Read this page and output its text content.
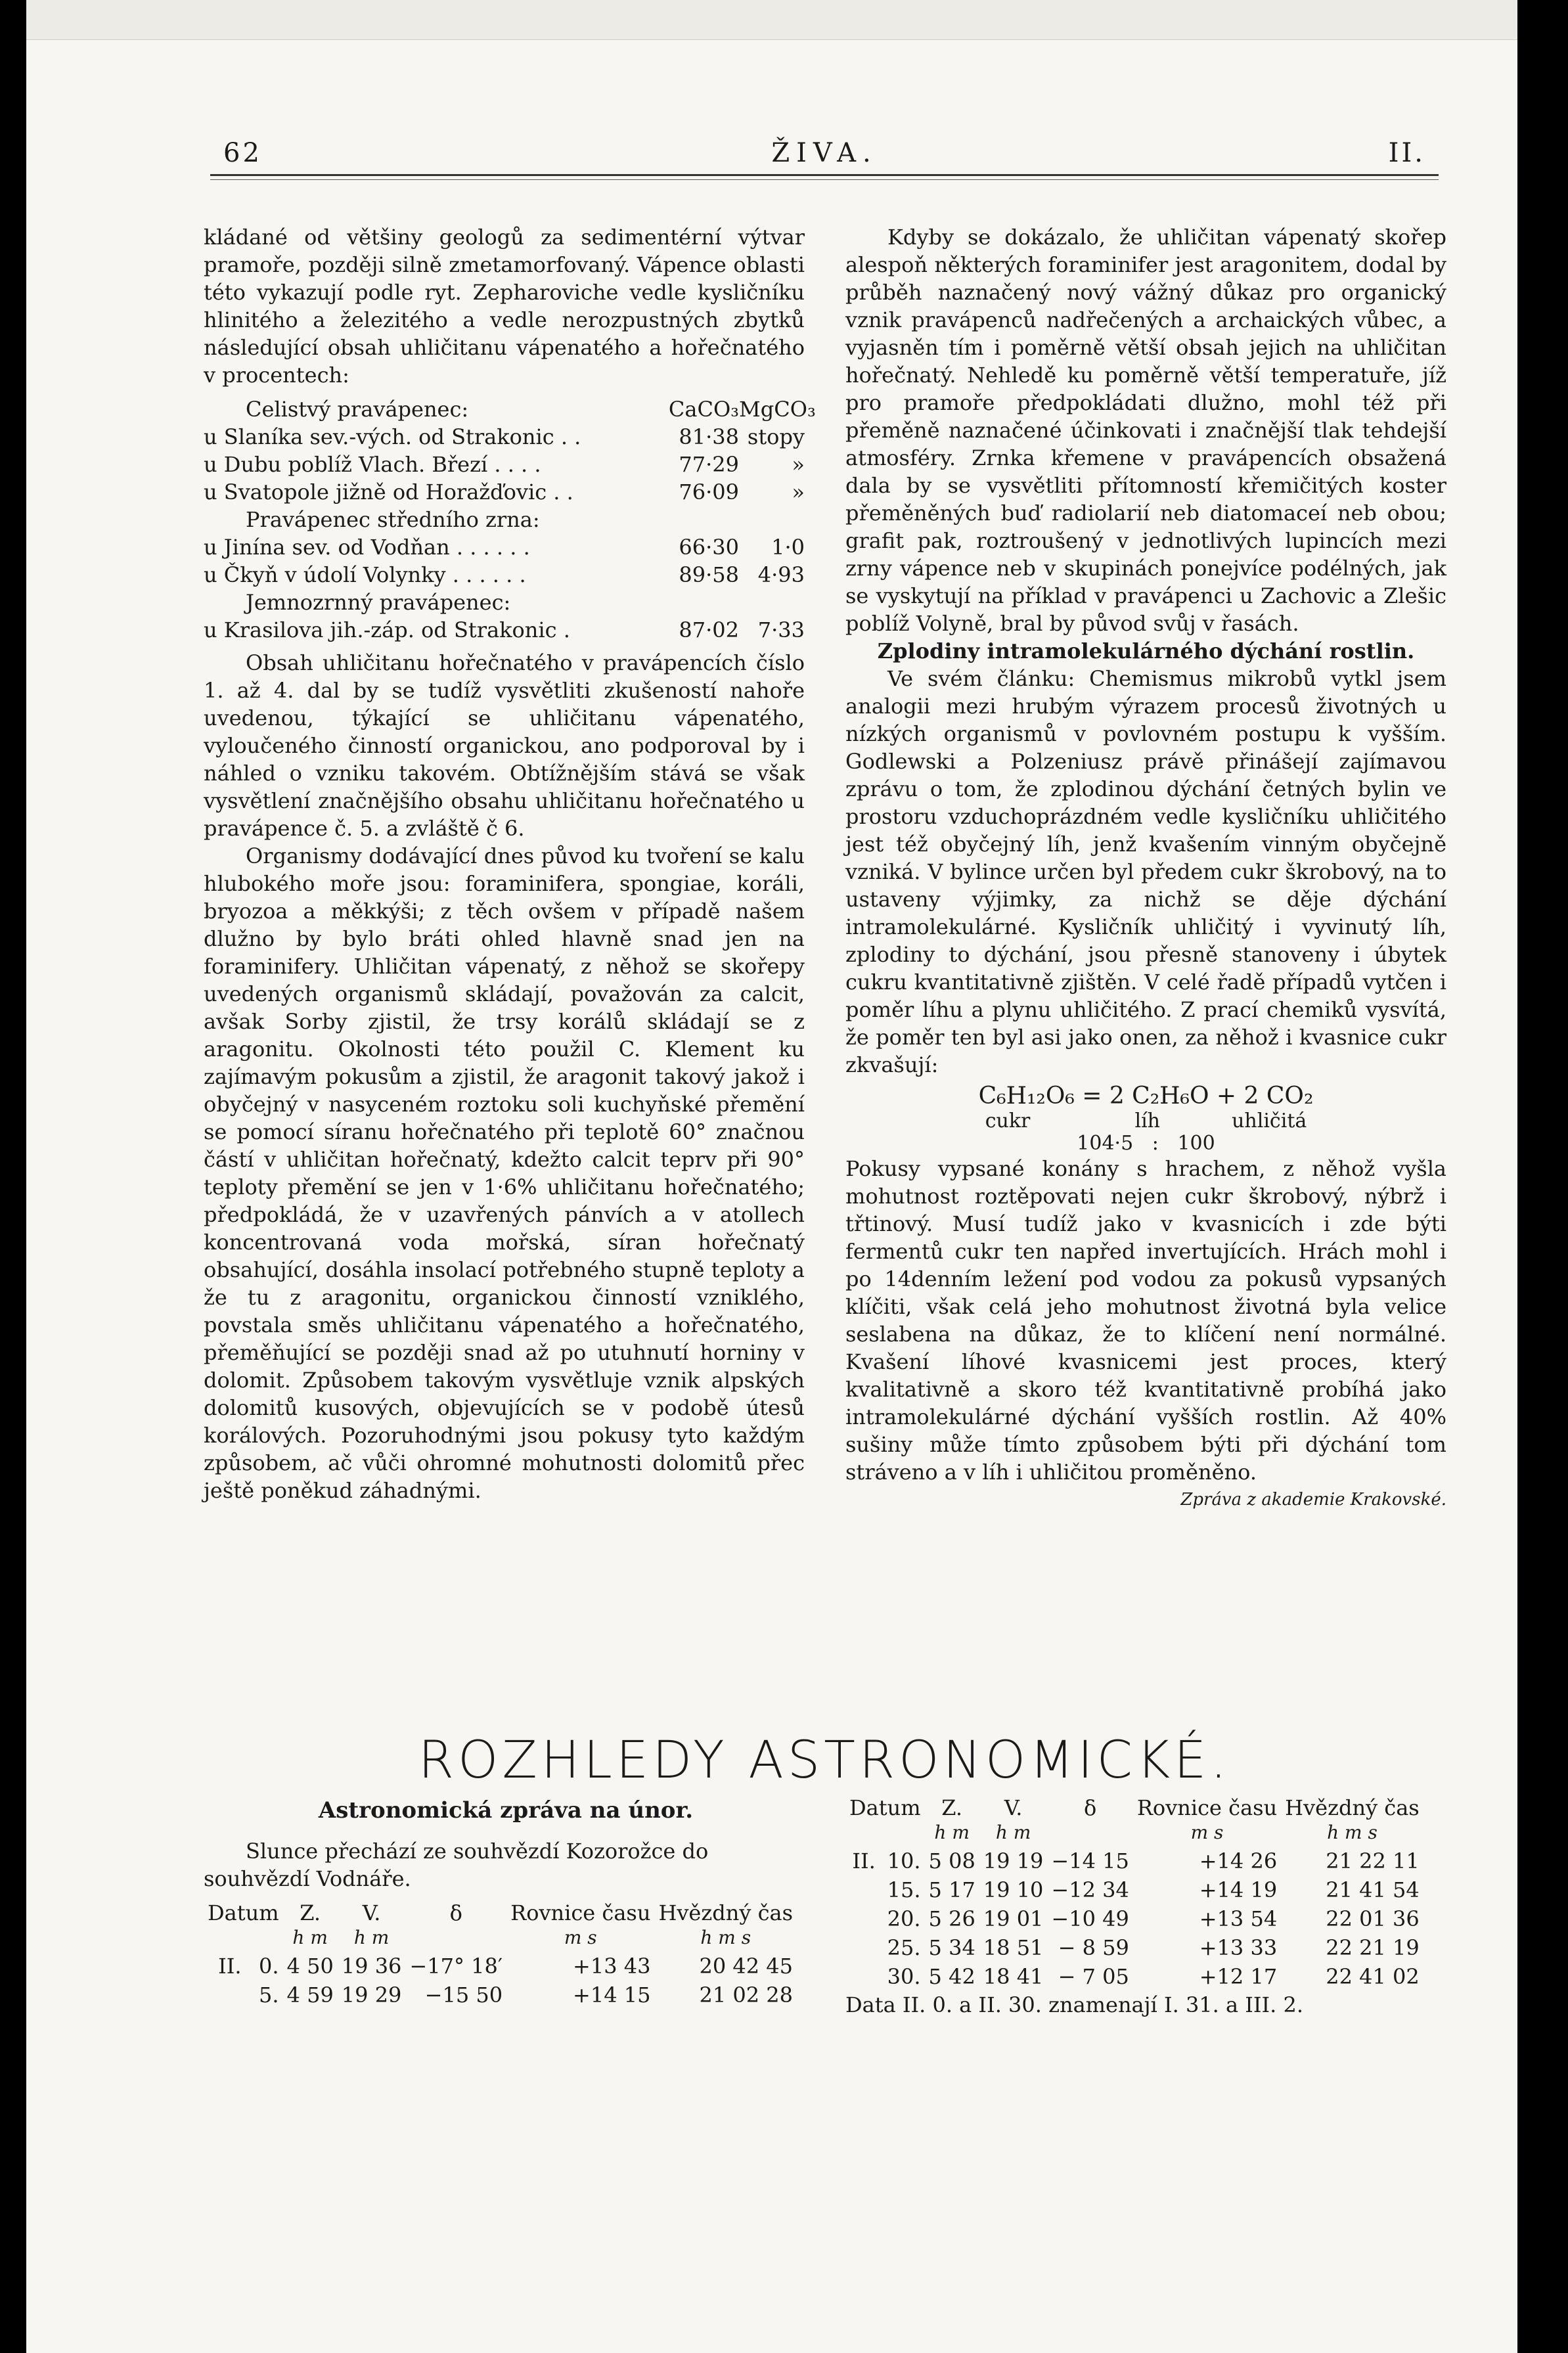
62	ŽIVA.	II.

kládané od většiny geologů za sedimentérní výtvar pramoře, později silně zmetamorfovaný. Vápence oblasti této vykazují podle ryt. Zepharoviche vedle kysličníku hlinitého a železitého a vedle nerozpustných zbytků následující obsah uhličitanu vápenatého a hořečnatého v procentech:

Celistvý pravápenec:	CaCO₃ MgCO₃
u Slaníka sev.-vých. od Strakonic . .	81·38 stopy
u Dubu poblíž Vlach. Březí . . . .	77·29	»
u Svatopole jižně od Horažďovic . .	76·09	»
Pravápenec středního zrna:
u Jinína sev. od Vodňan . . . . . .	66·30	1·0
u Čkyň v údolí Volynky . . . . . .	89·58 4·93
Jemnozrnný pravápenec:
u Krasilova jih.-záp. od Strakonic .	87·02 7·33

Obsah uhličitanu hořečnatého v pravápencích číslo 1. až 4. dal by se tudíž vysvětliti zkušeností nahoře uvedenou, týkající se uhličitanu vápenatého, vyloučeného činností organickou, ano podporoval by i náhled o vzniku takovém. Obtížnějším stává se však vysvětlení značnějšího obsahu uhličitanu hořečnatého u pravápence č. 5. a zvláště č 6.

Organismy dodávající dnes původ ku tvoření se kalu hlubokého moře jsou: foraminifera, spongiae, koráli, bryozoa a měkkýši; z těch ovšem v případě našem dlužno by bylo bráti ohled hlavně snad jen na foraminifery. Uhličitan vápenatý, z něhož se skořepy uvedených organismů skládají, považován za calcit, avšak Sorby zjistil, že trsy korálů skládají se z aragonitu. Okolnosti této použil C. Klement ku zajímavým pokusům a zjistil, že aragonit takový jakož i obyčejný v nasyceném roztoku soli kuchyňské přemění se pomocí síranu hořečnatého při teplotě 60° značnou částí v uhličitan hořečnatý, kdežto calcit teprv při 90° teploty přemění se jen v 1·6% uhličitanu hořečnatého; předpokládá, že v uzavřených pánvích a v atollech koncentrovaná voda mořská, síran hořečnatý obsahující, dosáhla insolací potřebného stupně teploty a že tu z aragonitu, organickou činností vzniklého, povstala směs uhličitanu vápenatého a hořečnatého, přeměňující se později snad až po utuhnutí horniny v dolomit. Způsobem takovým vysvětluje vznik alpských dolomitů kusových, objevujících se v podobě útesů korálových. Pozoruhodnými jsou pokusy tyto každým způsobem, ač vůči ohromné mohutnosti dolomitů přec ještě poněkud záhadnými.

Kdyby se dokázalo, že uhličitan vápenatý skořep alespoň některých foraminifer jest aragonitem, dodal by průběh naznačený nový vážný důkaz pro organický vznik pravápenců nadřečených a archaických vůbec, a vyjasněn tím i poměrně větší obsah jejich na uhličitan hořečnatý. Nehledě ku poměrně větší temperatuře, jíž pro pramoře předpokládati dlužno, mohl též při přeměně naznačené účinkovati i značnější tlak tehdejší atmosféry. Zrnka křemene v pravápencích obsažená dala by se vysvětliti přítomností křemičitých koster přeměněných buď radiolarií neb diatomaceí neb obou; grafit pak, roztroušený v jednotlivých lupincích mezi zrny vápence neb v skupinách ponejvíce podélných, jak se vyskytují na příklad v pravápenci u Zachovic a Zlešic poblíž Volyně, bral by původ svůj v řasách.

Zplodiny intramolekulárného dýchání rostlin.

Ve svém článku: Chemismus mikrobů vytkl jsem analogii mezi hrubým výrazem procesů životných u nízkých organismů v povlovném postupu k vyšším. Godlewski a Polzeniusz právě přinášejí zajímavou zprávu o tom, že zplodinou dýchání četných bylin ve prostoru vzduchoprázdném vedle kysličníku uhličitého jest též obyčejný líh, jenž kvašením vinným obyčejně vzniká. V bylince určen byl předem cukr škrobový, na to ustaveny výjimky, za nichž se děje dýchání intramolekulárné. Kysličník uhličitý i vyvinutý líh, zplodiny to dýchání, jsou přesně stanoveny i úbytek cukru kvantitativně zjištěn. V celé řadě případů vytčen i poměr líhu a plynu uhličitého. Z prací chemiků vysvítá, že poměr ten byl asi jako onen, za něhož i kvasnice cukr zkvašují:

C₆H₁₂O₆ = 2 C₂H₆O + 2 CO₂
cukr	líh	uhličitá
104·5   :   100

Pokusy vypsané konány s hrachem, z něhož vyšla mohutnost roztěpovati nejen cukr škrobový, nýbrž i třtinový. Musí tudíž jako v kvasnicích i zde býti fermentů cukr ten napřed invertujících. Hrách mohl i po 14denním ležení pod vodou za pokusů vypsaných klíčiti, však celá jeho mohutnost životná byla velice seslabena na důkaz, že to klíčení není normálné. Kvašení líhové kvasnicemi jest proces, který kvalitativně a skoro též kvantitativně probíhá jako intramolekulárné dýchání vyšších rostlin. Až 40% sušiny může tímto způsobem býti při dýchání tom stráveno a v líh i uhličitou proměněno.

Zpráva z akademie Krakovské.
ROZHLEDY ASTRONOMICKÉ.
Astronomická zpráva na únor.

Slunce přechází ze souhvězdí Kozorožce do souhvězdí Vodnáře.

Datum		Z.	V.	δ	Rovnice času	Hvězdný čas
		h m	h m		m s	h m s
II.	0.	4 50	19 36	−17° 18′	+13 43	20 42 45
	5.	4 59	19 29	−15 50	+14 15	21 02 28
Datum		Z.	V.	δ	Rovnice času	Hvězdný čas
		h m	h m		m s	h m s
II.	10.	5 08	19 19	−14 15	+14 26	21 22 11
	15.	5 17	19 10	−12 34	+14 19	21 41 54
	20.	5 26	19 01	−10 49	+13 54	22 01 36
	25.	5 34	18 51	− 8 59	+13 33	22 21 19
	30.	5 42	18 41	− 7 05	+12 17	22 41 02
Data II. 0. a II. 30. znamenají I. 31. a III. 2.
